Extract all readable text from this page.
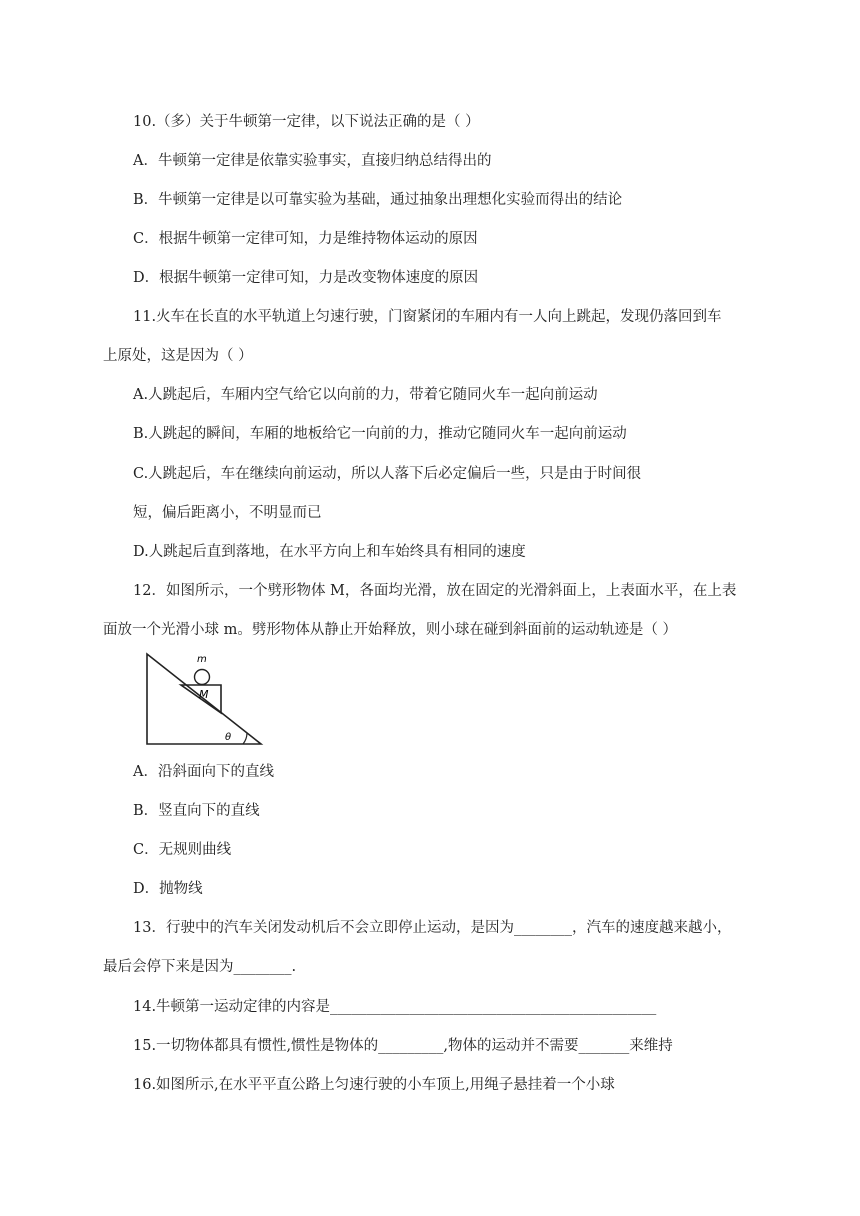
10.（多）关于牛顿第一定律，以下说法正确的是（ ）
A．牛顿第一定律是依靠实验事实，直接归纳总结得出的
B．牛顿第一定律是以可靠实验为基础，通过抽象出理想化实验而得出的结论
C．根据牛顿第一定律可知，力是维持物体运动的原因
D．根据牛顿第一定律可知，力是改变物体速度的原因
11.火车在长直的水平轨道上匀速行驶，门窗紧闭的车厢内有一人向上跳起，发现仍落回到车
上原处，这是因为（ ）
A.人跳起后，车厢内空气给它以向前的力，带着它随同火车一起向前运动
B.人跳起的瞬间，车厢的地板给它一向前的力，推动它随同火车一起向前运动
C.人跳起后，车在继续向前运动，所以人落下后必定偏后一些，只是由于时间很
短，偏后距离小，不明显而已
D.人跳起后直到落地，在水平方向上和车始终具有相同的速度
12．如图所示，一个劈形物体 M，各面均光滑，放在固定的光滑斜面上，上表面水平，在上表
面放一个光滑小球 m。劈形物体从静止开始释放，则小球在碰到斜面前的运动轨迹是（ ）
m
M
θ
A．沿斜面向下的直线
B．竖直向下的直线
C．无规则曲线
D．抛物线
13．行驶中的汽车关闭发动机后不会立即停止运动，是因为________，汽车的速度越来越小，
最后会停下来是因为________.
14.牛顿第一运动定律的内容是_____________________________________________
15.一切物体都具有惯性,惯性是物体的_________,物体的运动并不需要_______来维持
16.如图所示,在水平平直公路上匀速行驶的小车顶上,用绳子悬挂着一个小球
